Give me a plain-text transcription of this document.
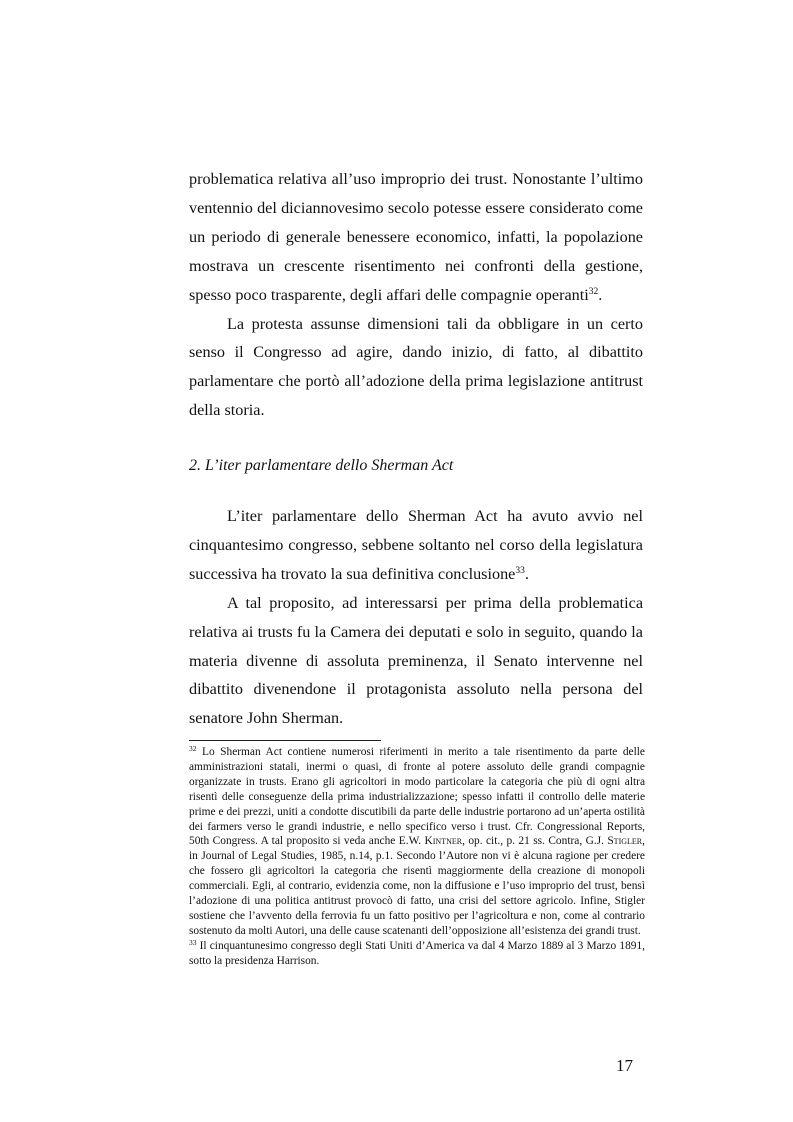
problematica relativa all’uso improprio dei trust. Nonostante l’ultimo ventennio del diciannovesimo secolo potesse essere considerato come un periodo di generale benessere economico, infatti, la popolazione mostrava un crescente risentimento nei confronti della gestione, spesso poco trasparente, degli affari delle compagnie operanti$^{32}$.

La protesta assunse dimensioni tali da obbligare in un certo senso il Congresso ad agire, dando inizio, di fatto, al dibattito parlamentare che portò all’adozione della prima legislazione antitrust della storia.

2. L’iter parlamentare dello Sherman Act

L’iter parlamentare dello Sherman Act ha avuto avvio nel cinquantesimo congresso, sebbene soltanto nel corso della legislatura successiva ha trovato la sua definitiva conclusione$^{33}$.

A tal proposito, ad interessarsi per prima della problematica relativa ai trusts fu la Camera dei deputati e solo in seguito, quando la materia divenne di assoluta preminenza, il Senato intervenne nel dibattito divenendone il protagonista assoluto nella persona del senatore John Sherman.

$^{32}$ Lo Sherman Act contiene numerosi riferimenti in merito a tale risentimento da parte delle amministrazioni statali, inermi o quasi, di fronte al potere assoluto delle grandi compagnie organizzate in trusts. Erano gli agricoltori in modo particolare la categoria che più di ogni altra risentì delle conseguenze della prima industrializzazione; spesso infatti il controllo delle materie prime e dei prezzi, uniti a condotte discutibili da parte delle industrie portarono ad un’aperta ostilità dei farmers verso le grandi industrie, e nello specifico verso i trust. Cfr. Congressional Reports, 50th Congress. A tal proposito si veda anche E.W. Kintner, op. cit., p. 21 ss. Contra, G.J. Stigler, in Journal of Legal Studies, 1985, n.14, p.1. Secondo l’Autore non vi è alcuna ragione per credere che fossero gli agricoltori la categoria che risentì maggiormente della creazione di monopoli commerciali. Egli, al contrario, evidenzia come, non la diffusione e l’uso improprio del trust, bensì l’adozione di una politica antitrust provocò di fatto, una crisi del settore agricolo. Infine, Stigler sostiene che l’avvento della ferrovia fu un fatto positivo per l’agricoltura e non, come al contrario sostenuto da molti Autori, una delle cause scatenanti dell’opposizione all’esistenza dei grandi trust.

$^{33}$ Il cinquantunesimo congresso degli Stati Uniti d’America va dal 4 Marzo 1889 al 3 Marzo 1891, sotto la presidenza Harrison.

17
